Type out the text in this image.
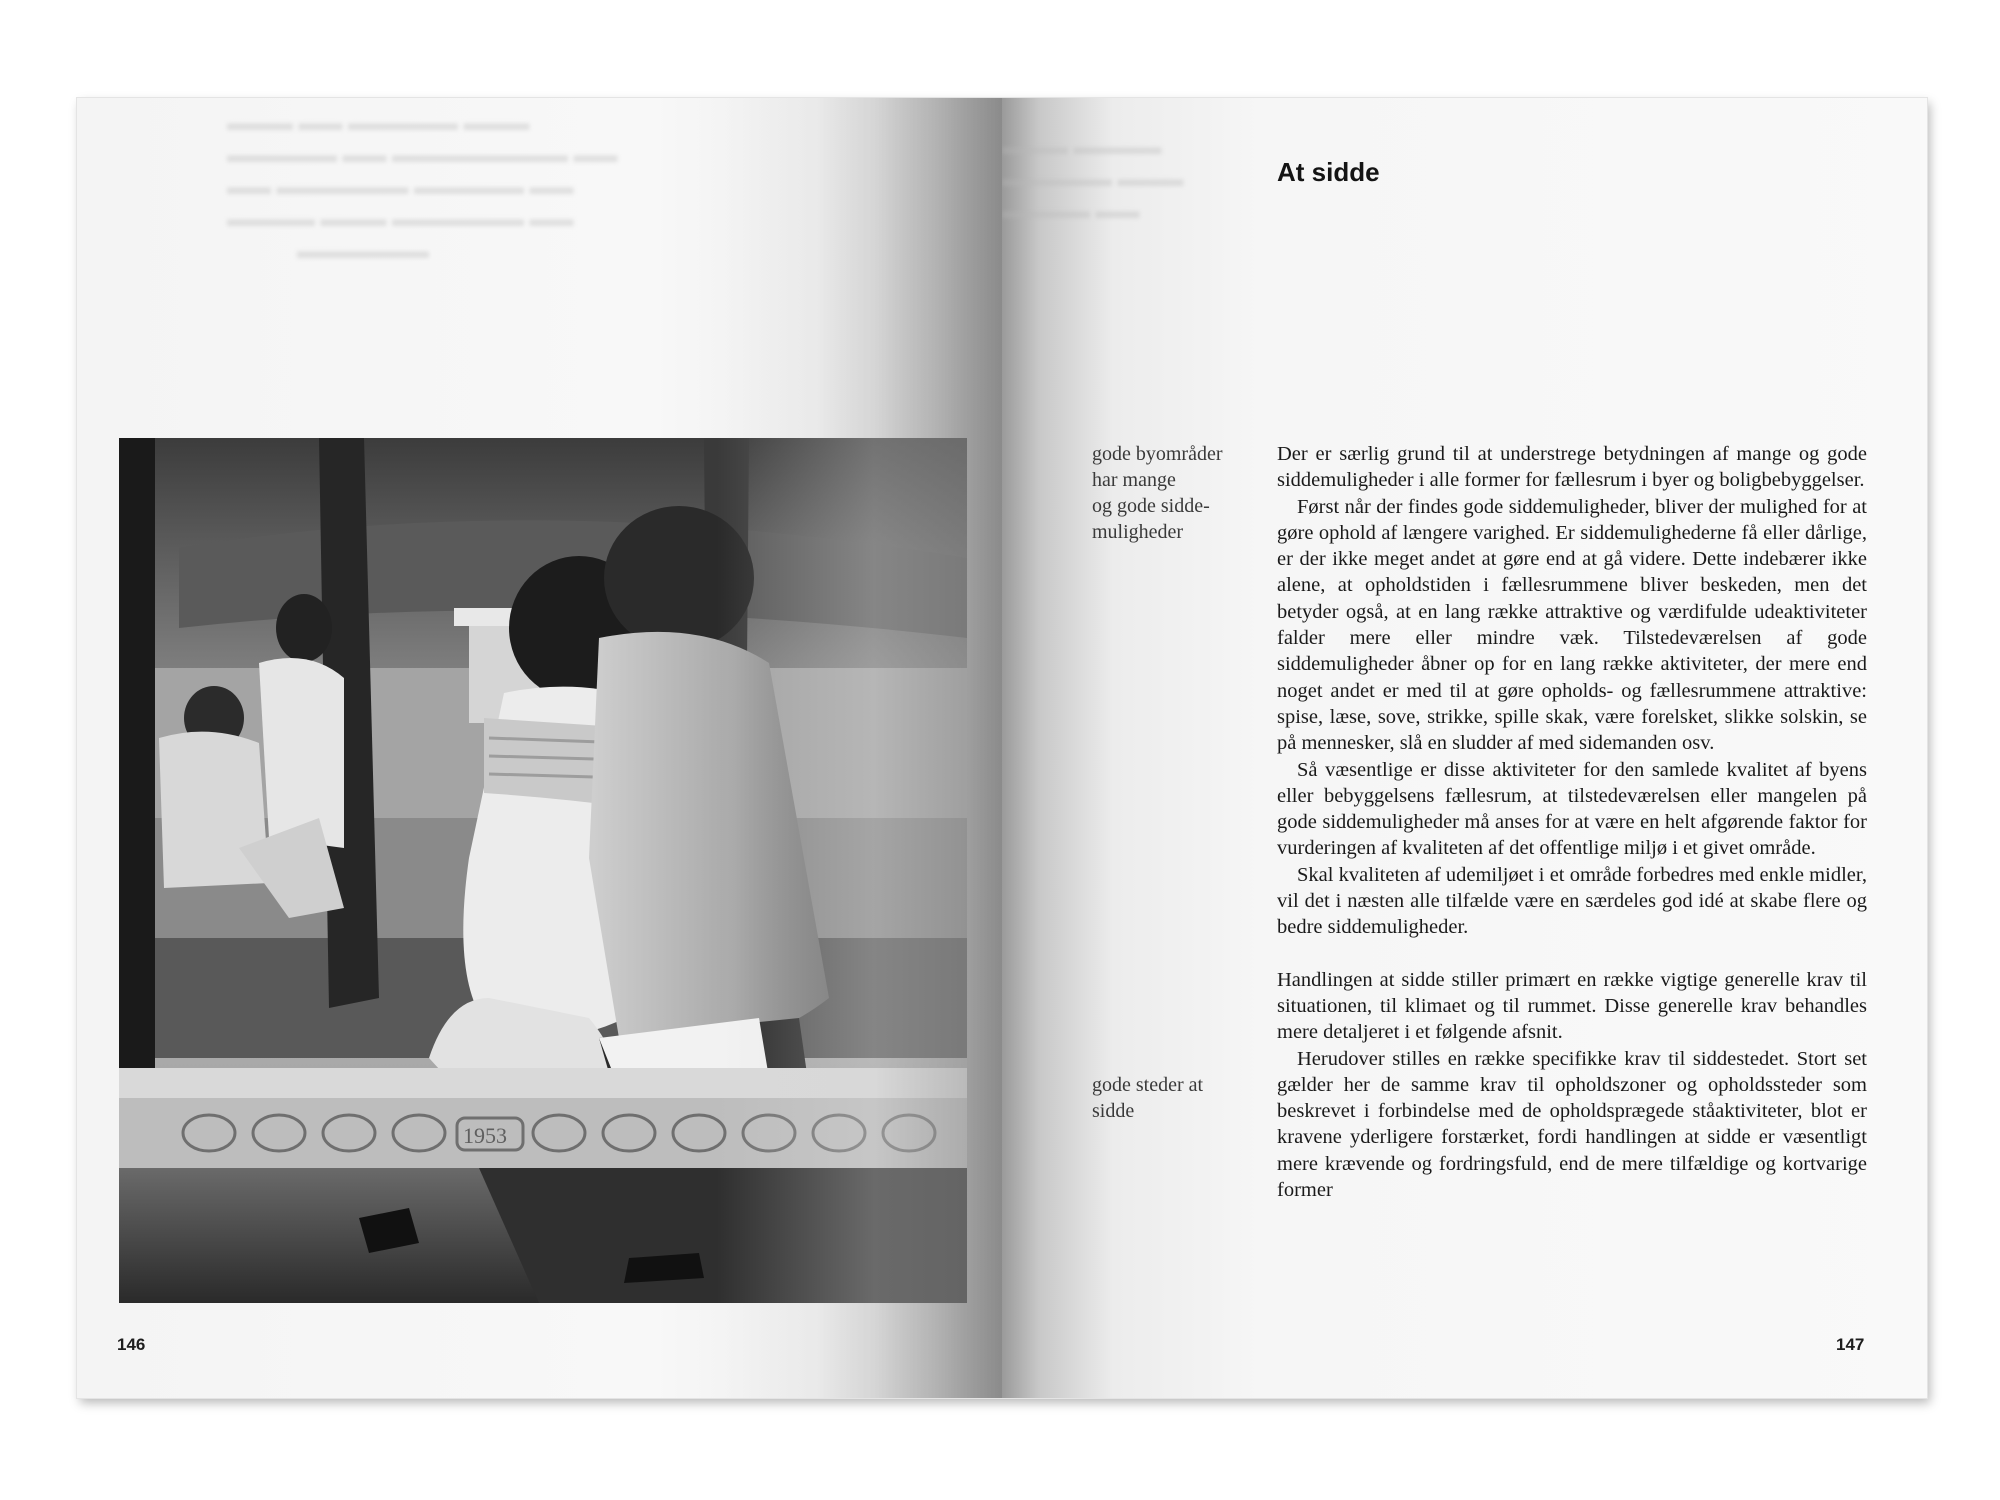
▬▬▬ ▬▬ ▬▬▬▬▬ ▬▬▬
▬▬▬▬▬ ▬▬ ▬▬▬▬▬▬▬▬ ▬▬
▬▬ ▬▬▬▬▬▬ ▬▬▬▬▬ ▬▬
▬▬▬▬ ▬▬▬ ▬▬▬▬▬▬ ▬▬
▬▬▬▬▬▬
1953
146
▬▬▬ ▬▬▬▬
▬▬▬▬▬ ▬▬▬
▬▬▬▬ ▬▬
At sidde
gode byområder
har mange
og gode sidde-
muligheder
gode steder at
sidde

Der er særlig grund til at understrege betydningen af mange og gode siddemuligheder i alle former for fællesrum i byer og boligbebyggelser.

Først når der findes gode siddemuligheder, bliver der mulighed for at gøre ophold af længere varighed. Er siddemulighederne få eller dårlige, er der ikke meget andet at gøre end at gå videre. Dette indebærer ikke alene, at opholdstiden i fællesrummene bliver beskeden, men det betyder også, at en lang række attraktive og værdifulde udeaktiviteter falder mere eller mindre væk. Tilstedeværelsen af gode siddemuligheder åbner op for en lang række aktiviteter, der mere end noget andet er med til at gøre opholds- og fællesrummene attraktive: spise, læse, sove, strikke, spille skak, være forelsket, slikke solskin, se på mennesker, slå en sludder af med sidemanden osv.

Så væsentlige er disse aktiviteter for den samlede kvalitet af byens eller bebyggelsens fællesrum, at tilstedeværelsen eller mangelen på gode siddemuligheder må anses for at være en helt afgørende faktor for vurderingen af kvaliteten af det offentlige miljø i et givet område.

Skal kvaliteten af udemiljøet i et område forbedres med enkle midler, vil det i næsten alle tilfælde være en særdeles god idé at skabe flere og bedre siddemuligheder.

Handlingen at sidde stiller primært en række vigtige generelle krav til situationen, til klimaet og til rummet. Disse generelle krav behandles mere detaljeret i et følgende afsnit.

Herudover stilles en række specifikke krav til siddestedet. Stort set gælder her de samme krav til opholdszoner og opholdssteder som beskrevet i forbindelse med de opholdsprægede ståaktiviteter, blot er kravene yderligere forstærket, fordi handlingen at sidde er væsentligt mere krævende og fordringsfuld, end de mere tilfældige og kortvarige former

147
